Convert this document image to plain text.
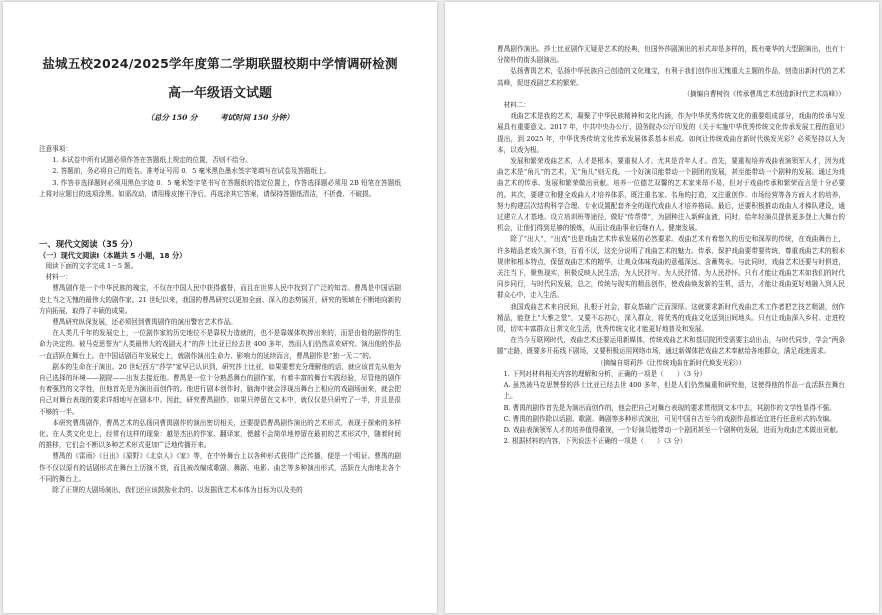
盐城五校2024/2025学年度第二学期联盟校期中学情调研检测
高一年级语文试题
（总分 150 分	考试时间 150 分钟）

注意事项：

1. 本试卷中所有试题必须作答在答题纸上规定的位置，否则不给分。

2. 答题前，务必将自己的姓名、准考证号用 0．5 毫米黑色墨水签字笔填写在试卷及答题纸上。

3. 作答非选择题时必须用黑色字迹 0．5 毫米签字笔书写在答题纸的指定位置上，作答选择题必须用 2B 铅笔在答题纸上将对应题目的选项涂黑。如需改动，请用橡皮擦干净后，再选涂其它答案，请保持答题纸清洁，不折叠、不破损。

一、现代文阅读（35 分）
（一）现代文阅读Ⅰ（本题共 5 小题，18 分）

阅读下面的文字完成 1－5 题。

材料一：

曹禺剧作是一个中华民族的瑰宝，不仅在中国人民中获得盛誉，而且在世界人民中找到了广泛的知音。曹禺是中国话剧史上当之无愧的最伟大的剧作家。21 世纪以来，我国的曹禺研究以更加全面、深入的态势展开，研究的领域在不断地向新的方向拓展，取得了丰硕的成果。

曹禺研究纵深发展，还必须回到曹禺剧作的演出警官艺术作品。

在人类几千年的发展史上，一位剧作家的历史地位不是靠权力造就的，也不是靠媒体吹捧出来的，而是由他的剧作的生命力决定的。被马克思誉为“人类最伟大的戏剧天才”的莎士比亚已经去世 400 多年，然而人们仍然喜欢研究、演出他的作品一直活跃在舞台上。在中国话剧百年发展史上，就剧作演出生命力、影响力的延续而言，曹禺剧作是“独一无二”的。

剧本的生命在于演出。20 世纪西方“莎学”家早已认识到，研究莎士比亚，如果要想充分理解他的话，就应该首先从他为自己选择的环境——剧院——出发去接近他。曹禺是一位十分熟悉舞台的剧作家，有着丰富的舞台实践经验，尽管他的剧作有着强烈的文学性，但他首先是为演出而创作的。他进行剧本创作时，脑海中就会浮现出舞台上相应的戏剧场面来，就会把自己对舞台表现的要求详细地写在剧本中。因此，研究曹禺剧作，如果只停留在文本中，就仅仅是只研究了一半，并且是很不够的一半。

本研究曹禺剧作，曹禺艺术的弘扬同曹禺剧作的演出密切相关，还要提倡曹禺剧作演出的艺术形式，表现于探索的多样化。在人类文化史上，经常有这样的现象：越是杰出的作家、翻译家，使越不会简单地停留在最初的艺术形式中，随着时间的推移，它们会不断以多种艺术形式更加广泛地传播开来。

曹禺的《雷雨》《日出》《原野》《北京人》《家》等，在中外舞台上以各种形式获得广泛传播，便是一个明证。曹禺的剧作不仅以原有的话剧形式在舞台上历演不衰，而且被改编成歌剧、舞剧、电影、曲艺等多种演出形式，活跃在大南地北各个不同的舞台上。

除了正规的大剧场演出，我们还应该鼓励业余的、以发掘优艺术本体为目标为以及美的

曹禺剧作演出。莎士比亚剧作无疑是艺术的经典，但国外莎剧演出的形式却是多样的，既有豪华的大型剧演出，也有十分简朴的街头剧演出。

弘扬曹禺艺术，弘扬中华民族自己创造的文化瑰宝，有利于我们创作出无愧重大主题的作品，创造出新时代的艺术高峰，促进戏剧艺术的繁荣。

（摘编自曹树钧《传承曹禺艺术创造新时代艺术高峰》）

材料二：

戏曲艺术是我的艺术，凝聚了中华民族精神和文化内涵，作为中华优秀传统文化的重要组成部分，戏曲的传承与发展具有重要意义。2017 年，中共中央办公厅、国务院办公厅印发的《关于实施中华优秀传统文化传承发展工程的意见》提出，到 2025 年，中华优秀传统文化传承发展体系基本形成。如何让传统戏曲在新时代焕发光彩？必须坚持以人为本，以戏为根。

发展和繁荣戏曲艺术，人才是根本，要重视人才，尤其是青年人才。首先，要重视培养戏曲表演领军人才，因为戏曲艺术是“角儿”的艺术，无“角儿”则无戏。一个好演员能带动一个剧团的发展，甚至能带动一个剧种的发展。通过为戏曲艺术的传承、发展和繁荣做出贡献。培养一位德艺双馨的艺术家来昂不易，但对于戏曲传承和繁荣而言是十分必要的。其次，要建立和健全戏曲人才培养体系，既注重名家、名角的打造，又注重创作、市场经营等各方面人才的培养，努力构建层次结构科学合理、专业设置配套齐全的现代戏曲人才培养格局。最后，还要积极推动戏曲人才梯队建设，通过建立人才基地、设立培训班等途径，做好“传帮带”，为剧种注入新鲜血液，同时，给年轻演员提供更多登上大舞台的机会，让他们得到足够的锻炼，从而让戏曲事业后继有人、健康发展。

除了“出人”，“出戏”也是戏曲艺术传承发展的必然要求。戏曲艺术有着悠久的历史和深厚的传统，在戏曲舞台上，许多精品老戏久演不衰，百看不厌，这充分说明了戏曲艺术的魅力。传承、保护戏曲要带要传统，尊重戏曲艺术的根本规律和根本特点，保留戏曲艺术的精华，让观众体味戏曲的意蕴深远、含蓄隽永。与此同时，戏曲艺术还要与时俱进，关注当下，聚焦现实，积极反映人民生活，为人民抒写、为人民抒情、为人民抒怀。只有才能让戏曲艺术如我们的时代同步同行，与时代同发展，总之，传统与现实的精品创作，使戏曲焕发新的生机，活力，才能让戏曲更好地融入到人民群众心中，走入生活。

我国戏曲艺术来自民间，扎根于社会，群众基础广泛而深厚。这就要求新时代戏曲艺术工作者把艺技艺精湛，创作精品，能登上“大雅之堂”，又要不忘初心，深入群众，将优秀的戏曲文化送到田间地头。只有让戏曲深入乡村、走进校园，切实丰富群众日常文化生活，优秀传统文化才能更好地普及和发展。

在当今互联网时代，戏曲艺术还要运用新媒体，传统戏曲艺术和基层院团受需要主动出击，与时代同步，学会“两条腿”走路，既要多开拓线下剧场，又要积极运用网络市场，通过新媒体把戏曲艺术奉献给各地群众，满足戏迷需求。

（摘编自胡莉莎《让传统戏曲在新时代焕发光彩》）

1. 下列对材料相关内容的理解和分析，正确的一项是（　　）（3 分）

A. 虽然被马克思赞誉的莎士比亚已经去世 400 多年，但是人们仍然偏重和研究他，这使得他的作品一直活跃在舞台上。

B. 曹禺的剧作首先是为演出而创作的，他会把自己对舞台表现的要求贯彻到文本中去，其剧作的文学性显得不强。

C. 曹禺的剧作除以话剧、歌剧、舞剧等多种形式演出，可见中国自古至今的戏剧作品都适宜进行任意形式的改编。

D. 戏曲表演领军人才的培养值得重视，一个好演员能带动一个剧团甚至一个剧种的发展，进而为戏曲艺术做出贡献。

2. 根据材料的内容，下列说法不正确的一项是（　　）（3 分）
